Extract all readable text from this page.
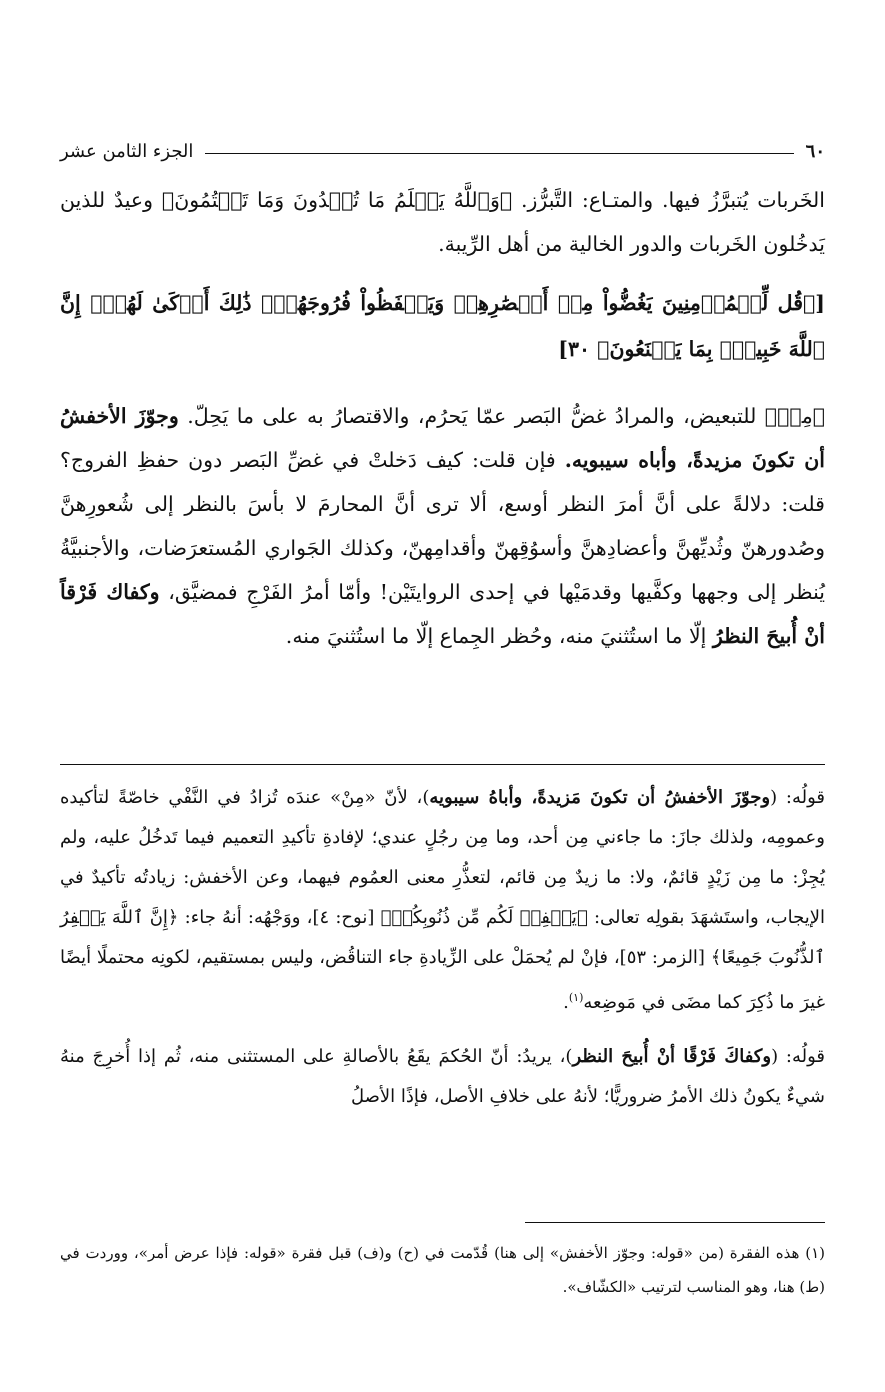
٦٠
الجزء الثامن عشر

الخَربات يُتبرَّزُ فيها. والمتـاع: التَّبرُّز. ﴿وَٱللَّهُ يَعۡلَمُ مَا تُبۡدُونَ وَمَا تَكۡتُمُونَ﴾ وعيدٌ للذين يَدخُلون الخَربات والدور الخالية من أهل الرِّيبة.

[﴿قُل لِّلۡمُؤۡمِنِينَ يَغُضُّواْ مِنۡ أَبۡصَٰرِهِمۡ وَيَحۡفَظُواْ فُرُوجَهُمۡۚ ذَٰلِكَ أَزۡكَىٰ لَهُمۡۚ إِنَّ ٱللَّهَ خَبِيرُۢ بِمَا يَصۡنَعُونَ﴾ ٣٠]

﴿مِنۡ﴾ للتبعيض، والمرادُ غضُّ البَصر عمّا يَحرُم، والاقتصارُ به على ما يَحِلّ. وجوّزَ الأخفشُ أن تكونَ مزيدةً، وأباه سيبويه. فإن قلت: كيف دَخلتْ في غضِّ البَصر دون حفظِ الفروج؟ قلت: دلالةً على أنَّ أمرَ النظر أوسع، ألا ترى أنَّ المحارمَ لا بأسَ بالنظر إلى شُعورِهنَّ وصُدورهنّ وثُديِّهنَّ وأعضادِهنَّ وأسوُقِهنّ وأقدامِهنّ، وكذلك الجَواري المُستعرَضات، والأجنبيَّةُ يُنظر إلى وجهها وكفَّيها وقدمَيْها في إحدى الروايتَيْن! وأمّا أمرُ الفَرْجِ فمضيَّق، وكفاك فَرْقاً أنْ أُبيحَ النظرُ إلّا ما استُثنيَ منه، وحُظر الجِماع إلّا ما استُثنيَ منه.

قولُه: (وجوّزَ الأخفشُ أن تكونَ مَزيدةً، وأباهُ سيبويه)، لأنّ «مِنْ» عندَه تُزادُ في النَّفْي خاصّةً لتأكيده وعمومِه، ولذلك جازَ: ما جاءني مِن أحد، وما مِن رجُلٍ عندي؛ لإفادةِ تأكيدِ التعميم فيما تَدخُلُ عليه، ولم يُجِزْ: ما مِن زَيْدٍ قائمٌ، ولا: ما زيدٌ مِن قائم، لتعذُّرِ معنى العمُوم فيهما، وعن الأخفش: زيادتُه تأكيدٌ في الإيجاب، واستَشهَدَ بقولِه تعالى: ﴿يَغۡفِرۡ لَكُم مِّن ذُنُوبِكُمۡ﴾ [نوح: ٤]، ووَجْهُه: أنهُ جاء: ﴿إِنَّ ٱللَّهَ يَغۡفِرُ ٱلذُّنُوبَ جَمِيعًا﴾ [الزمر: ٥٣]، فإنْ لم يُحمَلْ على الزِّيادةِ جاء التناقُض، وليس بمستقيم، لكونِه محتملًا أيضًا غيرَ ما ذُكِرَ كما مضَى في مَوضِعه$^{(١)}$.

قولُه: (وكفاكَ فَرْقًا أنْ أُبيحَ النظر)، يريدُ: أنّ الحُكمَ يقَعُ بالأصالةِ على المستثنى منه، ثُم إذا أُخرِجَ منهُ شيءٌ يكونُ ذلك الأمرُ ضروريًّا؛ لأنهُ على خلافِ الأصل، فإذًا الأصلُ

(١) هذه الفقرة (من «قوله: وجوّز الأخفش» إلى هنا) قُدّمت في (ح) و(ف) قبل فقرة «قوله: فإذا عرض أمر»، ووردت في (ط) هنا، وهو المناسب لترتيب «الكشّاف».
